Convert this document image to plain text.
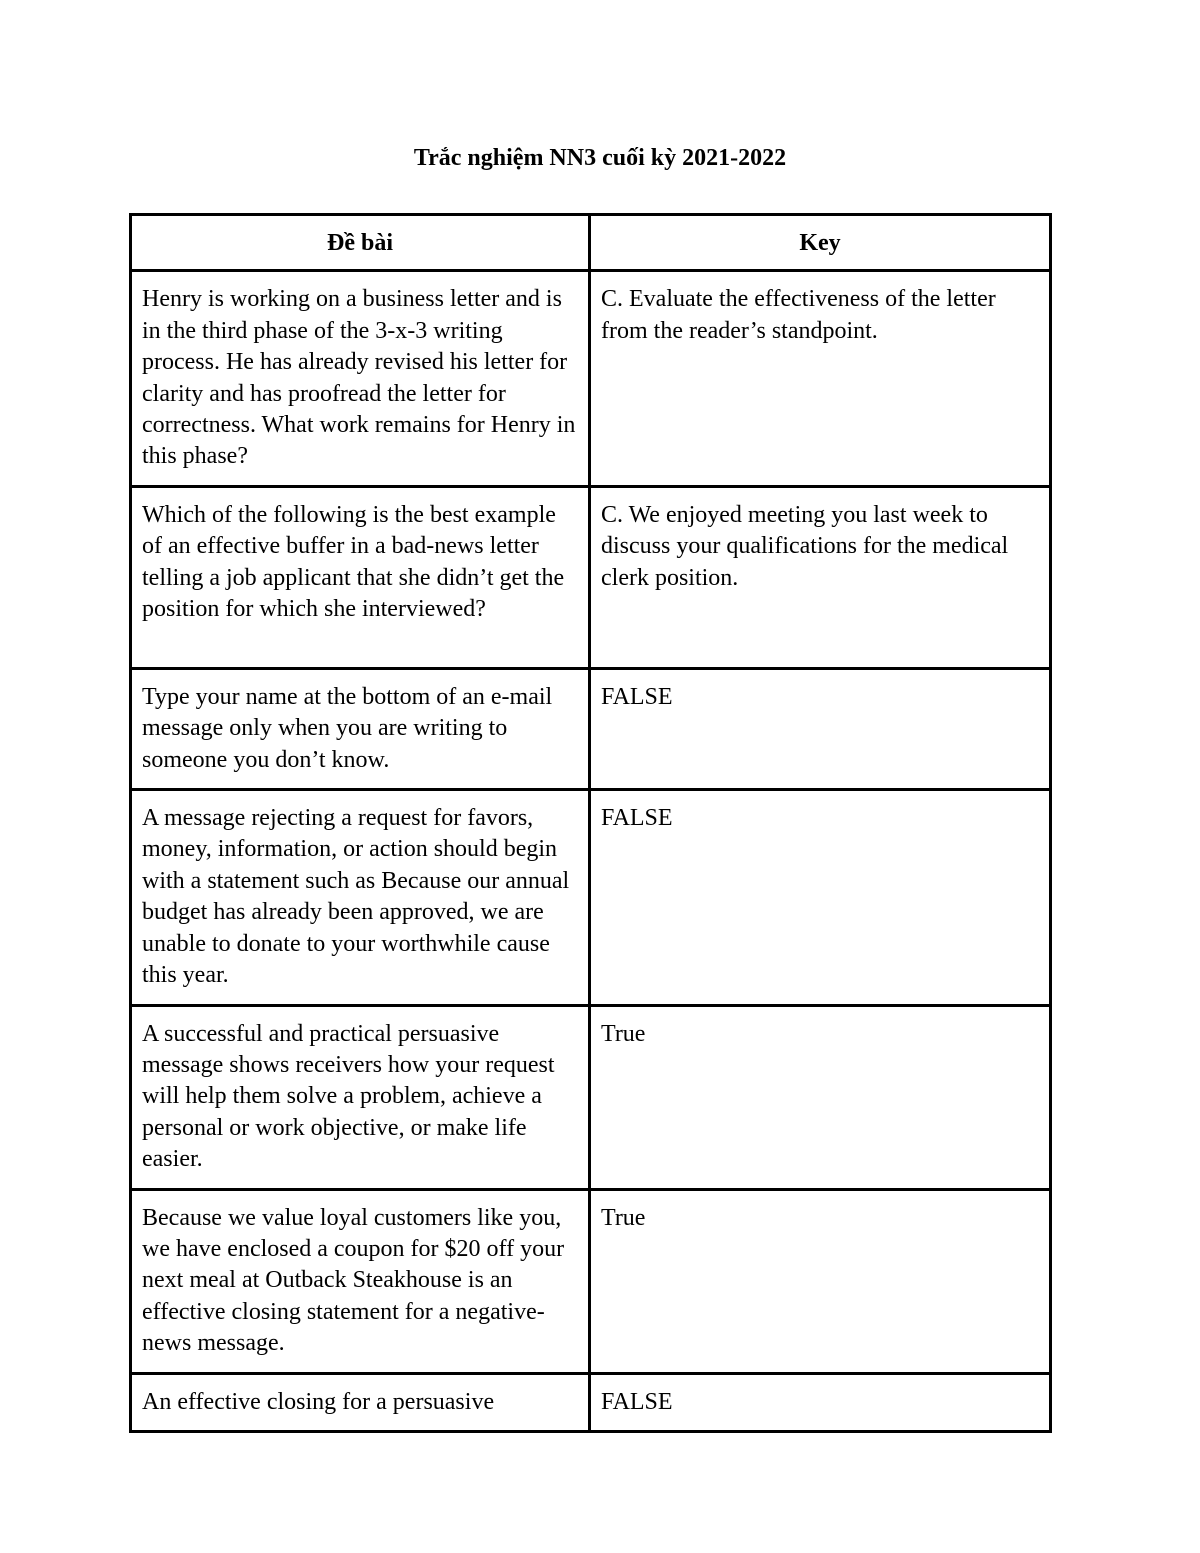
Trắc nghiệm NN3 cuối kỳ 2021-2022
Đề bài	Key
Henry is working on a business letter and is in the third phase of the 3-x-3 writing process. He has already revised his letter for clarity and has proofread the letter for correctness. What work remains for Henry in this phase?	C. Evaluate the effectiveness of the letter from the reader’s standpoint.
Which of the following is the best example of an effective buffer in a bad-news letter telling a job applicant that she didn’t get the position for which she interviewed?	C. We enjoyed meeting you last week to discuss your qualifications for the medical clerk position.
Type your name at the bottom of an e-mail message only when you are writing to someone you don’t know.	FALSE
A message rejecting a request for favors, money, information, or action should begin with a statement such as Because our annual budget has already been approved, we are unable to donate to your worthwhile cause this year.	FALSE
A successful and practical persuasive message shows receivers how your request will help them solve a problem, achieve a personal or work objective, or make life easier.	True
Because we value loyal customers like you, we have enclosed a coupon for $20 off your next meal at Outback Steakhouse is an effective closing statement for a negative-news message.	True
An effective closing for a persuasive	FALSE
